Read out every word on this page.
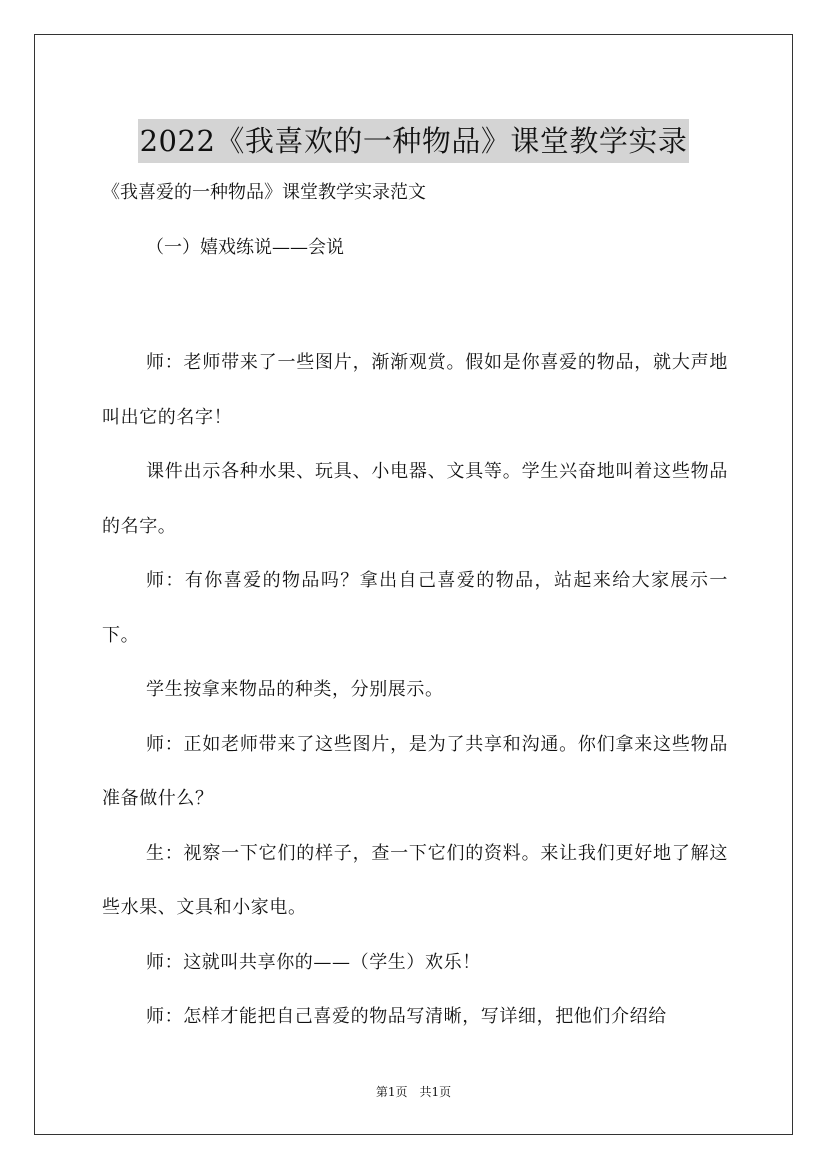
2022《我喜欢的一种物品》课堂教学实录
《我喜爱的一种物品》课堂教学实录范文
（一）嬉戏练说——会说

师：老师带来了一些图片，渐渐观赏。假如是你喜爱的物品，就大声地叫出它的名字！

课件出示各种水果、玩具、小电器、文具等。学生兴奋地叫着这些物品的名字。

师：有你喜爱的物品吗？拿出自己喜爱的物品，站起来给大家展示一下。

学生按拿来物品的种类，分别展示。

师：正如老师带来了这些图片，是为了共享和沟通。你们拿来这些物品准备做什么？

生：视察一下它们的样子，查一下它们的资料。来让我们更好地了解这些水果、文具和小家电。

师：这就叫共享你的——（学生）欢乐！

师：怎样才能把自己喜爱的物品写清晰，写详细，把他们介绍给

第1页　共1页
